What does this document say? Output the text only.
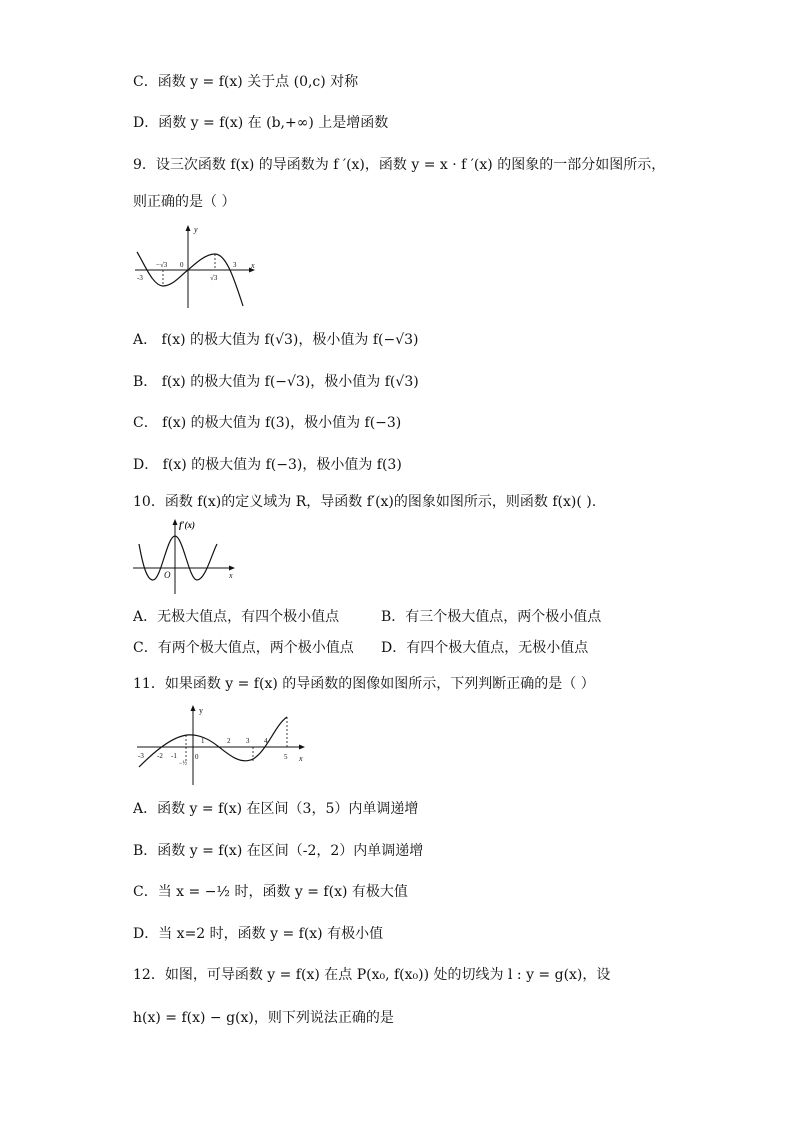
C．函数 y = f(x) 关于点 (0,c) 对称
D．函数 y = f(x) 在 (b,+∞) 上是增函数
9．设三次函数 f(x) 的导函数为 f ′(x)，函数 y = x · f ′(x) 的图象的一部分如图所示，
则正确的是（ ）
y
x
0
-3
−√3
√3
3
A． f(x) 的极大值为 f(√3)，极小值为 f(−√3)
B． f(x) 的极大值为 f(−√3)，极小值为 f(√3)
C． f(x) 的极大值为 f(3)，极小值为 f(−3)
D． f(x) 的极大值为 f(−3)，极小值为 f(3)
10．函数 f(x)的定义域为 R，导函数 f′(x)的图象如图所示，则函数 f(x)( ).
f′(x)
x
O
A．无极大值点，有四个极小值点	B．有三个极大值点，两个极小值点
C．有两个极大值点，两个极小值点 D．有四个极大值点，无极小值点
11．如果函数 y = f(x) 的导函数的图像如图所示，下列判断正确的是（ ）
y
x
0
-3 -2 -1
−½
1	2 3 4
5
A．函数 y = f(x) 在区间（3，5）内单调递增
B．函数 y = f(x) 在区间（-2，2）内单调递增
C．当 x = −½ 时，函数 y = f(x) 有极大值
D．当 x=2 时，函数 y = f(x) 有极小值
12．如图，可导函数 y = f(x) 在点 P(x₀, f(x₀)) 处的切线为 l : y = g(x)，设
h(x) = f(x) − g(x)，则下列说法正确的是
